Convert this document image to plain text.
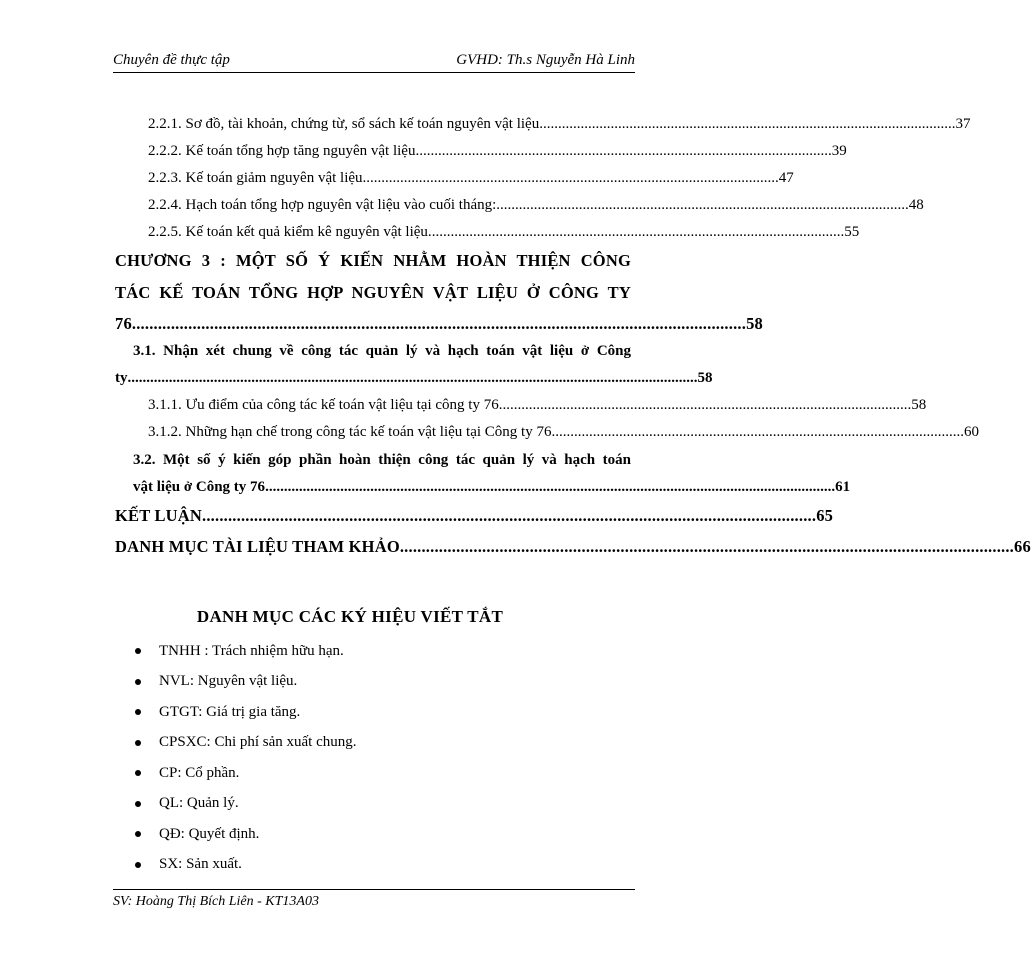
Chuyên đề thực tập	GVHD: Th.s Nguyễn Hà Linh
2.2.1. Sơ đồ, tài khoản, chứng từ, sổ sách kế toán nguyên vật liệu. .............................................................................................................. 37
2.2.2. Kế toán tổng hợp tăng nguyên vật liệu. .............................................................................................................. 39
2.2.3. Kế toán giảm nguyên vật liệu. .............................................................................................................. 47
2.2.4. Hạch toán tổng hợp nguyên vật liệu vào cuối tháng: .............................................................................................................. 48
2.2.5. Kế toán kết quả kiểm kê nguyên vật liệu. .............................................................................................................. 55
CHƯƠNG 3 : MỘT SỐ Ý KIẾN NHẰM HOÀN THIỆN CÔNG
TÁC KẾ TOÁN TỔNG HỢP NGUYÊN VẬT LIỆU Ở CÔNG TY
76 .............................................................................................................................................. 58
3.1. Nhận xét chung về công tác quản lý và hạch toán vật liệu ở Công
ty ........................................................................................................................................................ 58
3.1.1. Ưu điểm của công tác kế toán vật liệu tại công ty 76 .............................................................................................................. 58
3.1.2. Những hạn chế trong công tác kế toán vật liệu tại Công ty 76 .............................................................................................................. 60
3.2. Một số ý kiến góp phần hoàn thiện công tác quản lý và hạch toán
vật liệu ở Công ty 76 ........................................................................................................................................................ 61
KẾT LUẬN .............................................................................................................................................. 65
DANH MỤC TÀI LIỆU THAM KHẢO .............................................................................................................................................. 66
DANH MỤC CÁC KÝ HIỆU VIẾT TẮT
TNHH : Trách nhiệm hữu hạn.
NVL: Nguyên vật liệu.
GTGT: Giá trị gia tăng.
CPSXC: Chi phí sản xuất chung.
CP: Cổ phần.
QL: Quản lý.
QĐ: Quyết định.
SX: Sản xuất.
SV: Hoàng Thị Bích Liên - KT13A03
